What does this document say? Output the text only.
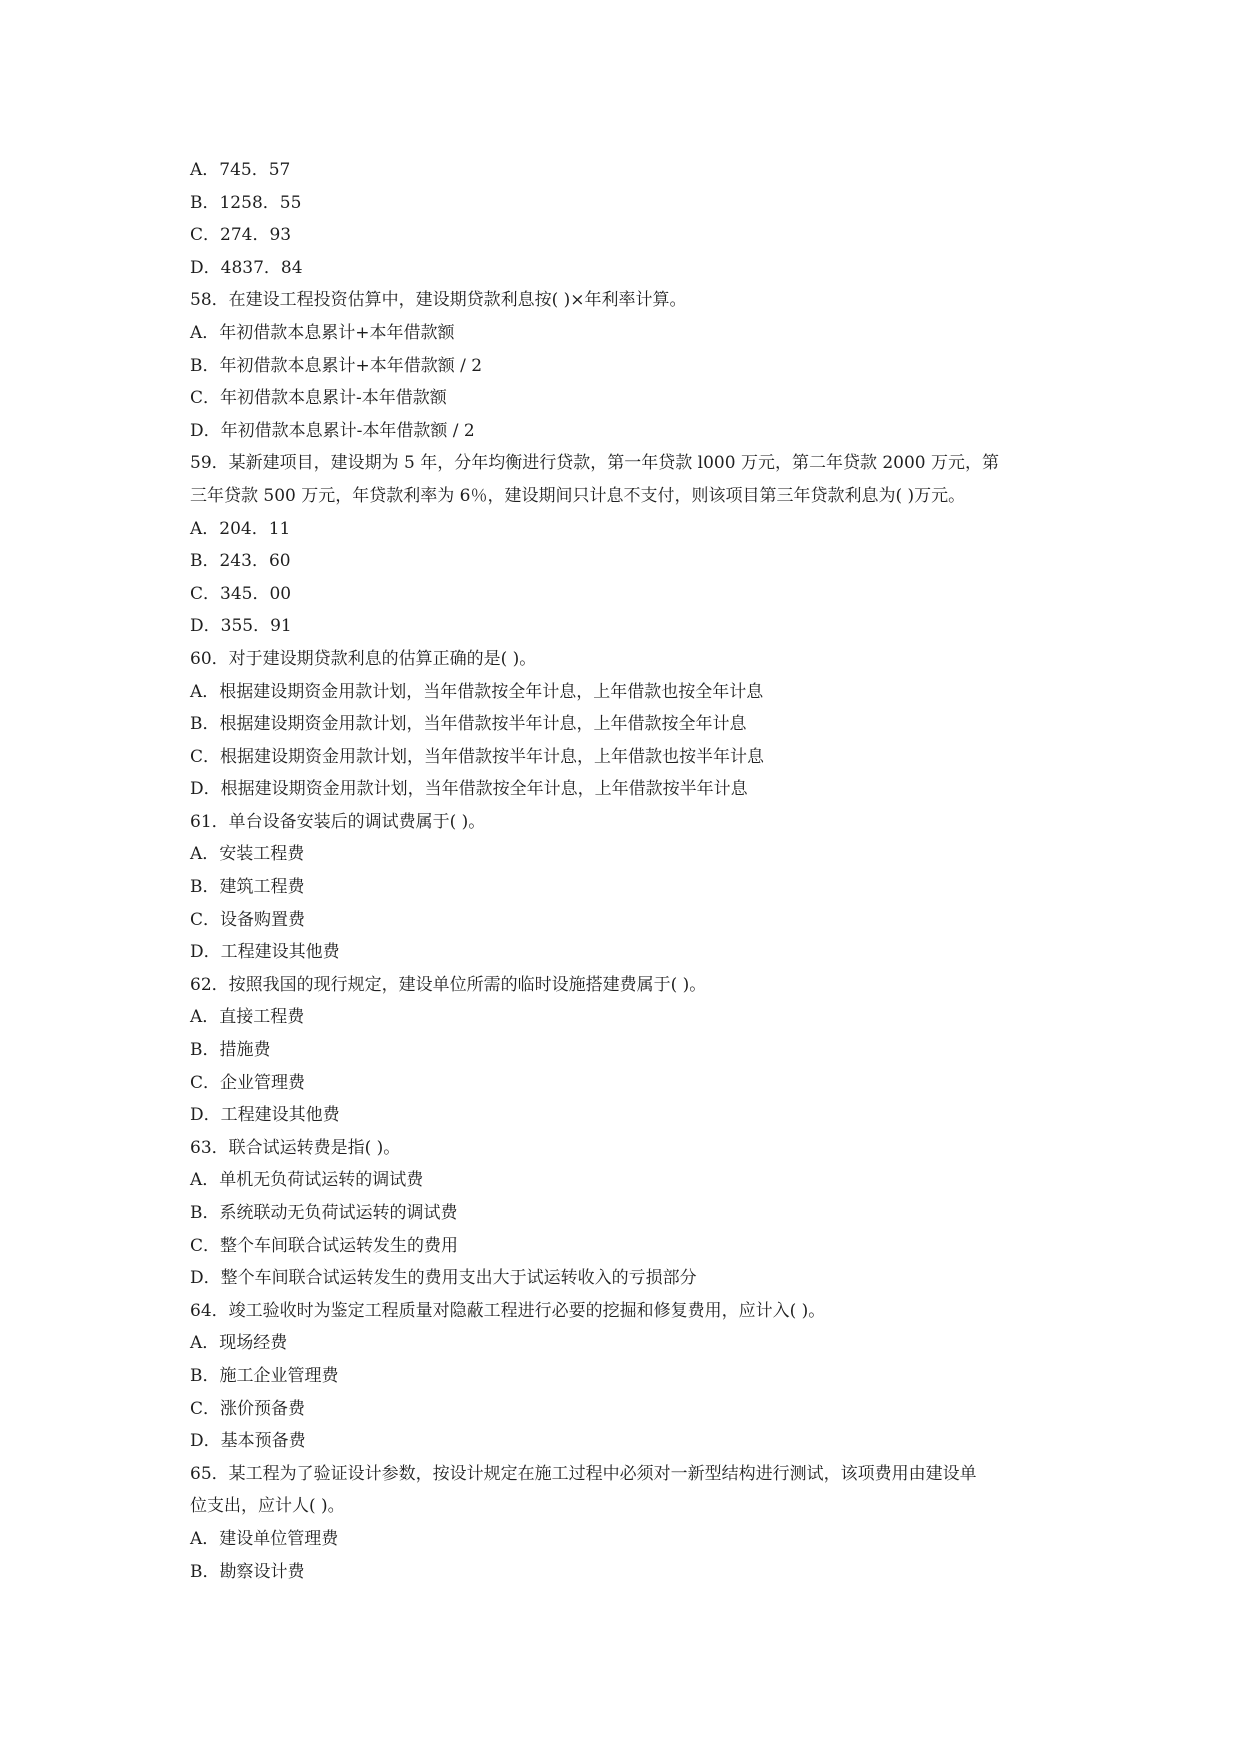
A．745．57
B．1258．55
C．274．93
D．4837．84
58．在建设工程投资估算中，建设期贷款利息按( )×年利率计算。
A．年初借款本息累计+本年借款额
B．年初借款本息累计+本年借款额 / 2
C．年初借款本息累计-本年借款额
D．年初借款本息累计-本年借款额 / 2
59．某新建项目，建设期为 5 年，分年均衡进行贷款，第一年贷款 l000 万元，第二年贷款 2000 万元，第
三年贷款 500 万元，年贷款利率为 6％，建设期间只计息不支付，则该项目第三年贷款利息为( )万元。
A．204．11
B．243．60
C．345．00
D．355．91
60．对于建设期贷款利息的估算正确的是( )。
A．根据建设期资金用款计划，当年借款按全年计息，上年借款也按全年计息
B．根据建设期资金用款计划，当年借款按半年计息，上年借款按全年计息
C．根据建设期资金用款计划，当年借款按半年计息，上年借款也按半年计息
D．根据建设期资金用款计划，当年借款按全年计息，上年借款按半年计息
61．单台设备安装后的调试费属于( )。
A．安装工程费
B．建筑工程费
C．设备购置费
D．工程建设其他费
62．按照我国的现行规定，建设单位所需的临时设施搭建费属于( )。
A．直接工程费
B．措施费
C．企业管理费
D．工程建设其他费
63．联合试运转费是指( )。
A．单机无负荷试运转的调试费
B．系统联动无负荷试运转的调试费
C．整个车间联合试运转发生的费用
D．整个车间联合试运转发生的费用支出大于试运转收入的亏损部分
64．竣工验收时为鉴定工程质量对隐蔽工程进行必要的挖掘和修复费用，应计入( )。
A．现场经费
B．施工企业管理费
C．涨价预备费
D．基本预备费
65．某工程为了验证设计参数，按设计规定在施工过程中必须对一新型结构进行测试，该项费用由建设单
位支出，应计人( )。
A．建设单位管理费
B．勘察设计费
